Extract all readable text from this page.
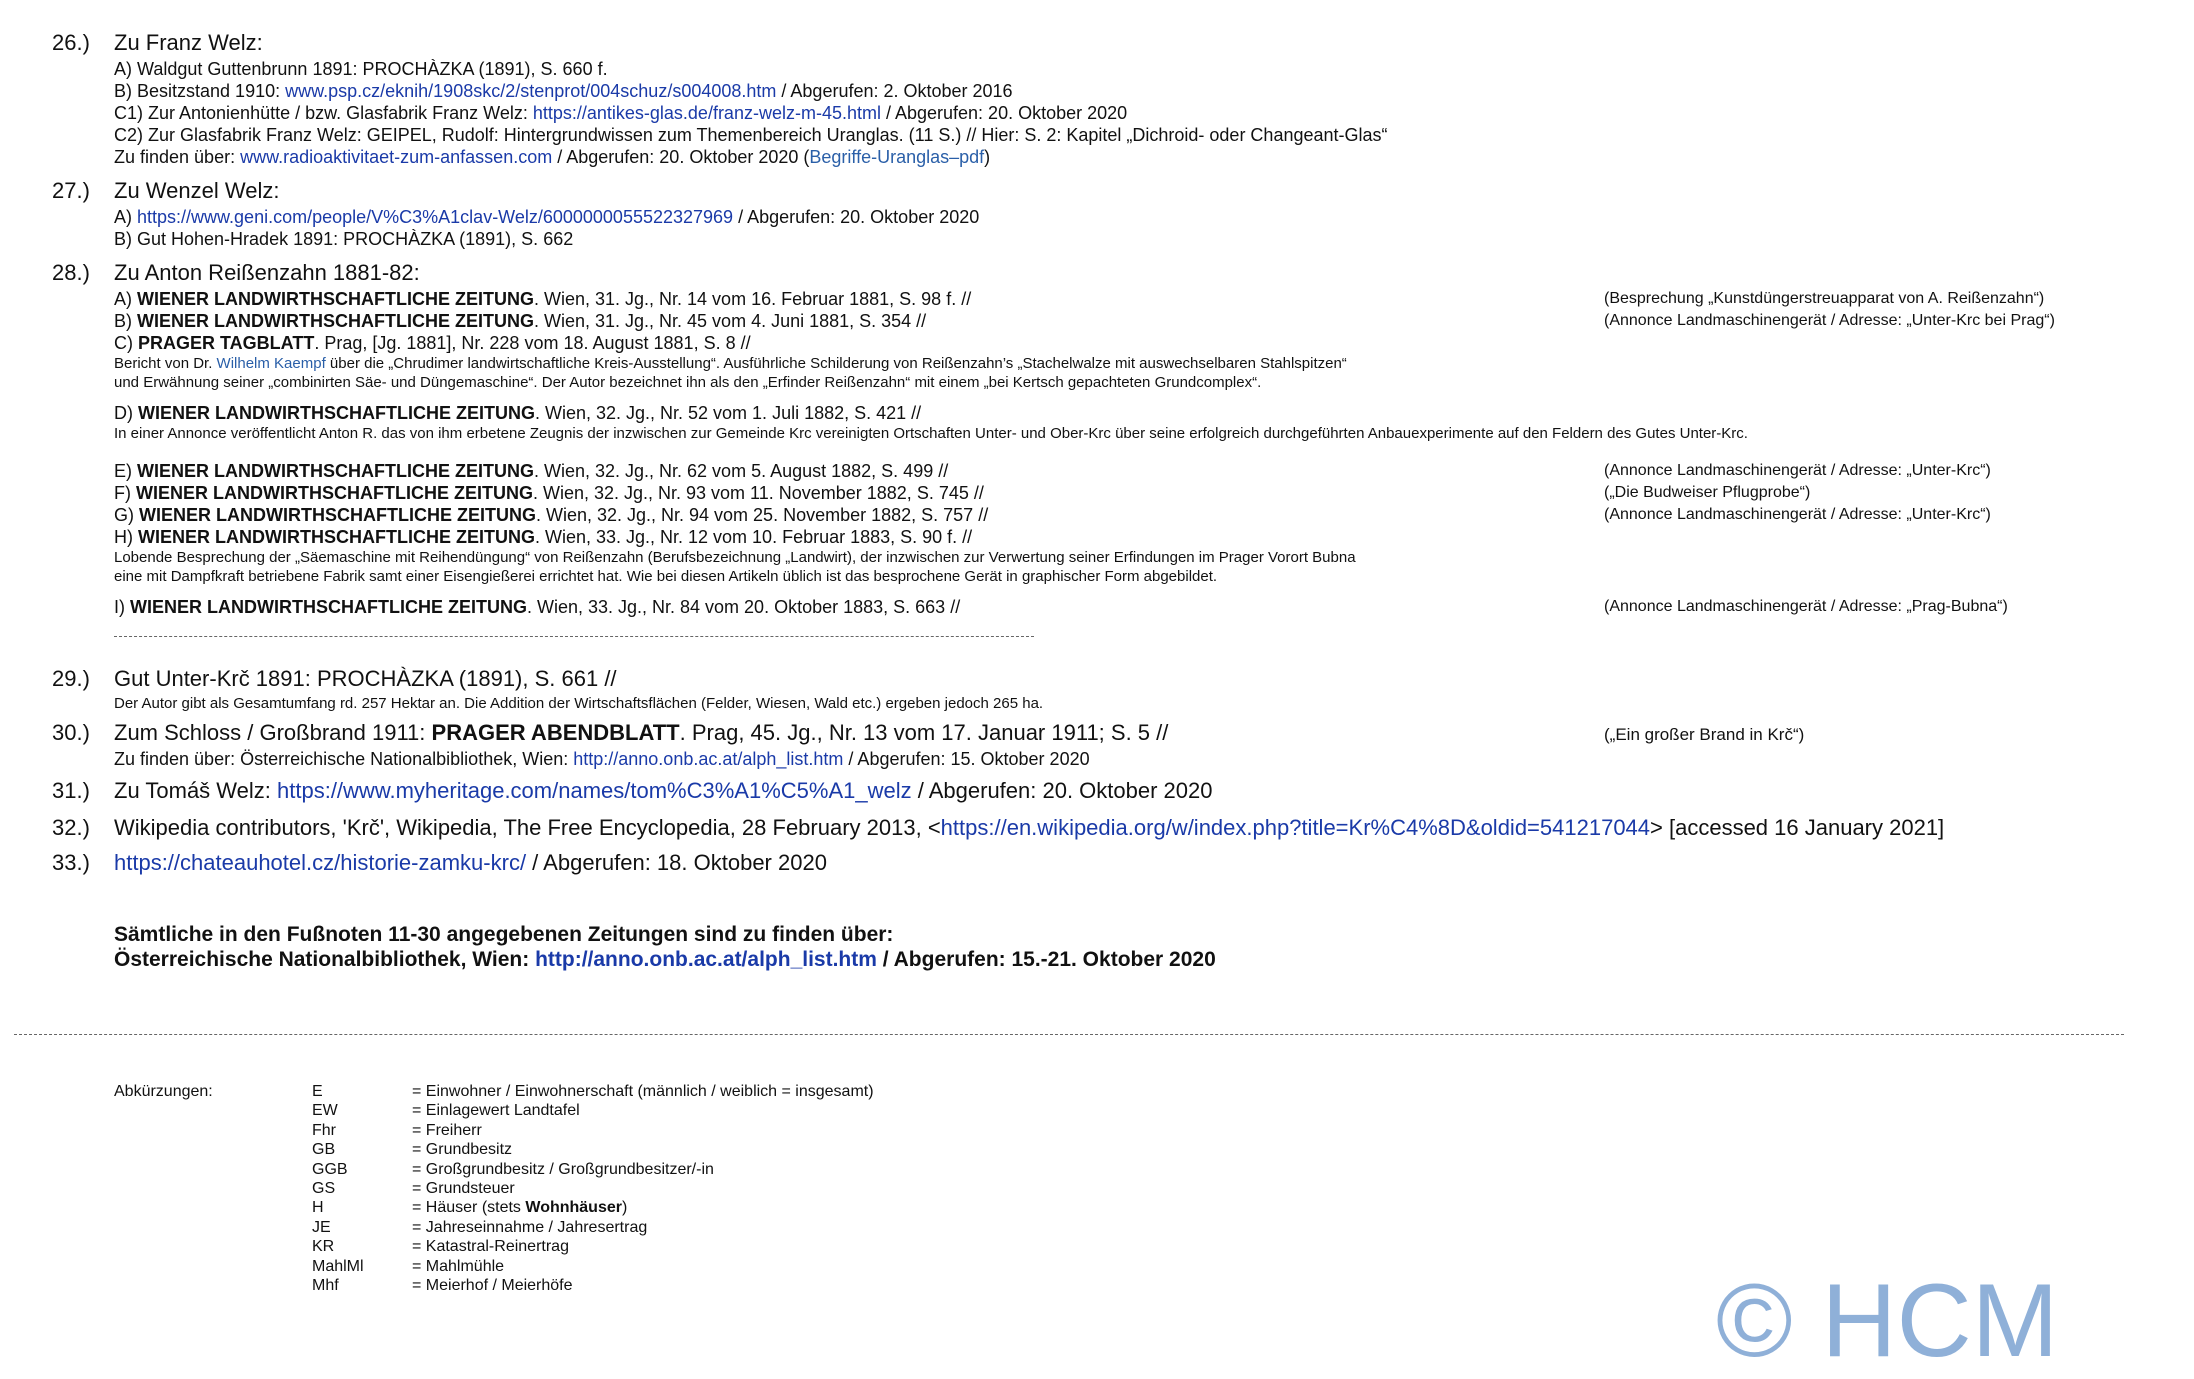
26.)	Zu Franz Welz:
A) Waldgut Guttenbrunn 1891: PROCHÀZKA (1891), S. 660 f.
B) Besitzstand 1910: www.psp.cz/eknih/1908skc/2/stenprot/004schuz/s004008.htm / Abgerufen: 2. Oktober 2016
C1) Zur Antonienhütte / bzw. Glasfabrik Franz Welz: https://antikes-glas.de/franz-welz-m-45.html / Abgerufen: 20. Oktober 2020
C2) Zur Glasfabrik Franz Welz: GEIPEL, Rudolf: Hintergrundwissen zum Themenbereich Uranglas. (11 S.) // Hier: S. 2: Kapitel „Dichroid- oder Changeant-Glas“
Zu finden über: www.radioaktivitaet-zum-anfassen.com / Abgerufen: 20. Oktober 2020 (Begriffe-Uranglas–pdf)
27.)	Zu Wenzel Welz:
A) https://www.geni.com/people/V%C3%A1clav-Welz/6000000055522327969 / Abgerufen: 20. Oktober 2020
B) Gut Hohen-Hradek 1891: PROCHÀZKA (1891), S. 662
28.)	Zu Anton Reißenzahn 1881-82:
A) WIENER LANDWIRTHSCHAFTLICHE ZEITUNG. Wien, 31. Jg., Nr. 14 vom 16. Februar 1881, S. 98 f. //	(Besprechung „Kunstdüngerstreuapparat von A. Reißenzahn“)
B) WIENER LANDWIRTHSCHAFTLICHE ZEITUNG. Wien, 31. Jg., Nr. 45 vom 4. Juni 1881, S. 354 //	(Annonce Landmaschinengerät / Adresse: „Unter-Krc bei Prag“)
C) PRAGER TAGBLATT. Prag, [Jg. 1881], Nr. 228 vom 18. August 1881, S. 8 //
Bericht von Dr. Wilhelm Kaempf über die „Chrudimer landwirtschaftliche Kreis-Ausstellung“. Ausführliche Schilderung von Reißenzahn’s „Stachelwalze mit auswechselbaren Stahlspitzen“
und Erwähnung seiner „combinirten Säe- und Düngemaschine“. Der Autor bezeichnet ihn als den „Erfinder Reißenzahn“ mit einem „bei Kertsch gepachteten Grundcomplex“.
D) WIENER LANDWIRTHSCHAFTLICHE ZEITUNG. Wien, 32. Jg., Nr. 52 vom 1. Juli 1882, S. 421 //
In einer Annonce veröffentlicht Anton R. das von ihm erbetene Zeugnis der inzwischen zur Gemeinde Krc vereinigten Ortschaften Unter- und Ober-Krc über seine erfolgreich durchgeführten Anbauexperimente auf den Feldern des Gutes Unter-Krc.
E) WIENER LANDWIRTHSCHAFTLICHE ZEITUNG. Wien, 32. Jg., Nr. 62 vom 5. August 1882, S. 499 //	(Annonce Landmaschinengerät / Adresse: „Unter-Krc“)
F) WIENER LANDWIRTHSCHAFTLICHE ZEITUNG. Wien, 32. Jg., Nr. 93 vom 11. November 1882, S. 745 //	(„Die Budweiser Pflugprobe“)
G) WIENER LANDWIRTHSCHAFTLICHE ZEITUNG. Wien, 32. Jg., Nr. 94 vom 25. November 1882, S. 757 //	(Annonce Landmaschinengerät / Adresse: „Unter-Krc“)
H) WIENER LANDWIRTHSCHAFTLICHE ZEITUNG. Wien, 33. Jg., Nr. 12 vom 10. Februar 1883, S. 90 f. //
Lobende Besprechung der „Säemaschine mit Reihendüngung“ von Reißenzahn (Berufsbezeichnung „Landwirt), der inzwischen zur Verwertung seiner Erfindungen im Prager Vorort Bubna
eine mit Dampfkraft betriebene Fabrik samt einer Eisengießerei errichtet hat. Wie bei diesen Artikeln üblich ist das besprochene Gerät in graphischer Form abgebildet.
I) WIENER LANDWIRTHSCHAFTLICHE ZEITUNG. Wien, 33. Jg., Nr. 84 vom 20. Oktober 1883, S. 663 //	(Annonce Landmaschinengerät / Adresse: „Prag-Bubna“)
29.)	Gut Unter-Krč 1891: PROCHÀZKA (1891), S. 661 //
Der Autor gibt als Gesamtumfang rd. 257 Hektar an. Die Addition der Wirtschaftsflächen (Felder, Wiesen, Wald etc.) ergeben jedoch 265 ha.
30.)	Zum Schloss / Großbrand 1911: PRAGER ABENDBLATT. Prag, 45. Jg., Nr. 13 vom 17. Januar 1911; S. 5 //	(„Ein großer Brand in Krč“)
Zu finden über: Österreichische Nationalbibliothek, Wien: http://anno.onb.ac.at/alph_list.htm / Abgerufen: 15. Oktober 2020
31.)	Zu Tomáš Welz: https://www.myheritage.com/names/tom%C3%A1%C5%A1_welz / Abgerufen: 20. Oktober 2020
32.)	Wikipedia contributors, 'Krč', Wikipedia, The Free Encyclopedia, 28 February 2013, <https://en.wikipedia.org/w/index.php?title=Kr%C4%8D&oldid=541217044> [accessed 16 January 2021]
33.)	https://chateauhotel.cz/historie-zamku-krc/ / Abgerufen: 18. Oktober 2020
Sämtliche in den Fußnoten 11-30 angegebenen Zeitungen sind zu finden über:
Österreichische Nationalbibliothek, Wien: http://anno.onb.ac.at/alph_list.htm / Abgerufen: 15.-21. Oktober 2020
Abkürzungen:	E	= Einwohner / Einwohnerschaft (männlich / weiblich = insgesamt)
EW	= Einlagewert Landtafel
Fhr	= Freiherr
GB	= Grundbesitz
GGB	= Großgrundbesitz / Großgrundbesitzer/-in
GS	= Grundsteuer
H	= Häuser (stets Wohnhäuser)
JE	= Jahreseinnahme / Jahresertrag
KR	= Katastral-Reinertrag
MahlMl	= Mahlmühle
Mhf	= Meierhof / Meierhöfe	© HCM
